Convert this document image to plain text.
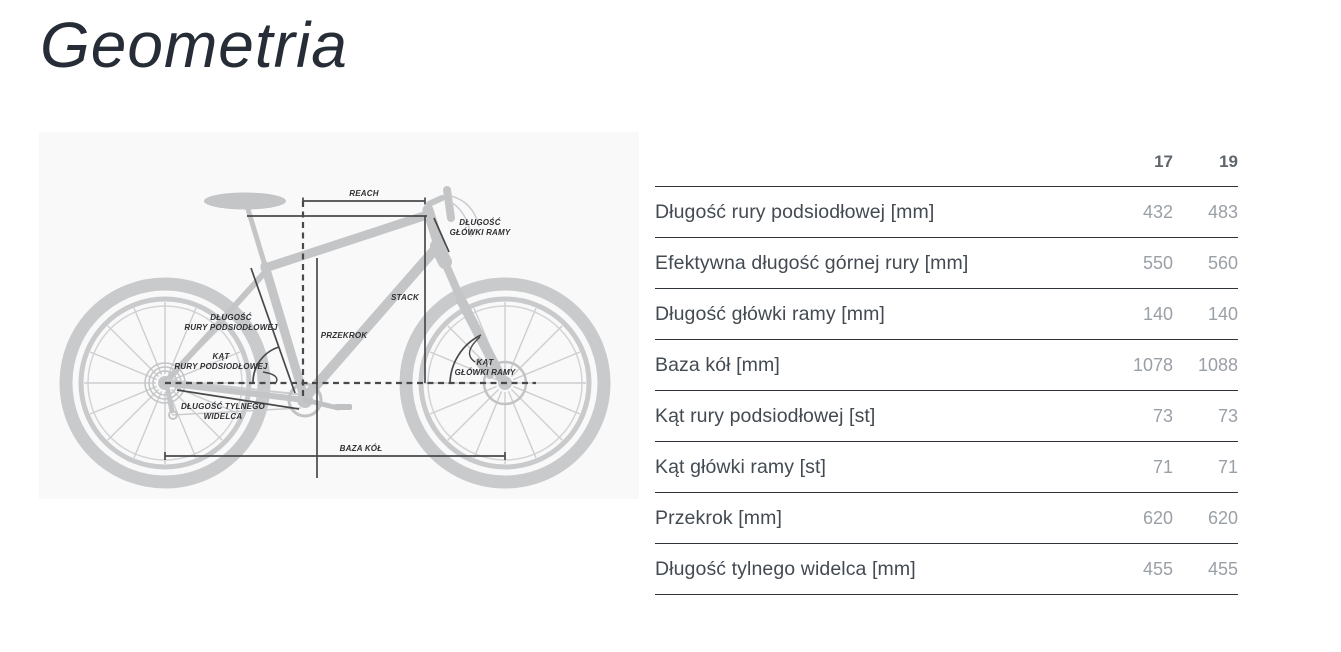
Geometria
REACH
DŁUGOŚĆ
GŁÓWKI RAMY
STACK
PRZEKROK
DŁUGOŚĆ
RURY PODSIODŁOWEJ
KĄT
RURY PODSIODŁOWEJ
DŁUGOŚĆ TYLNEGO
WIDELCA
KĄT
GŁÓWKI RAMY
BAZA KÓŁ
17	19
Długość rury podsiodłowej [mm]	432	483
Efektywna długość górnej rury [mm]	550	560
Długość główki ramy [mm]	140	140
Baza kół [mm]	1078	1088
Kąt rury podsiodłowej [st]	73	73
Kąt główki ramy [st]	71	71
Przekrok [mm]	620	620
Długość tylnego widelca [mm]	455	455
